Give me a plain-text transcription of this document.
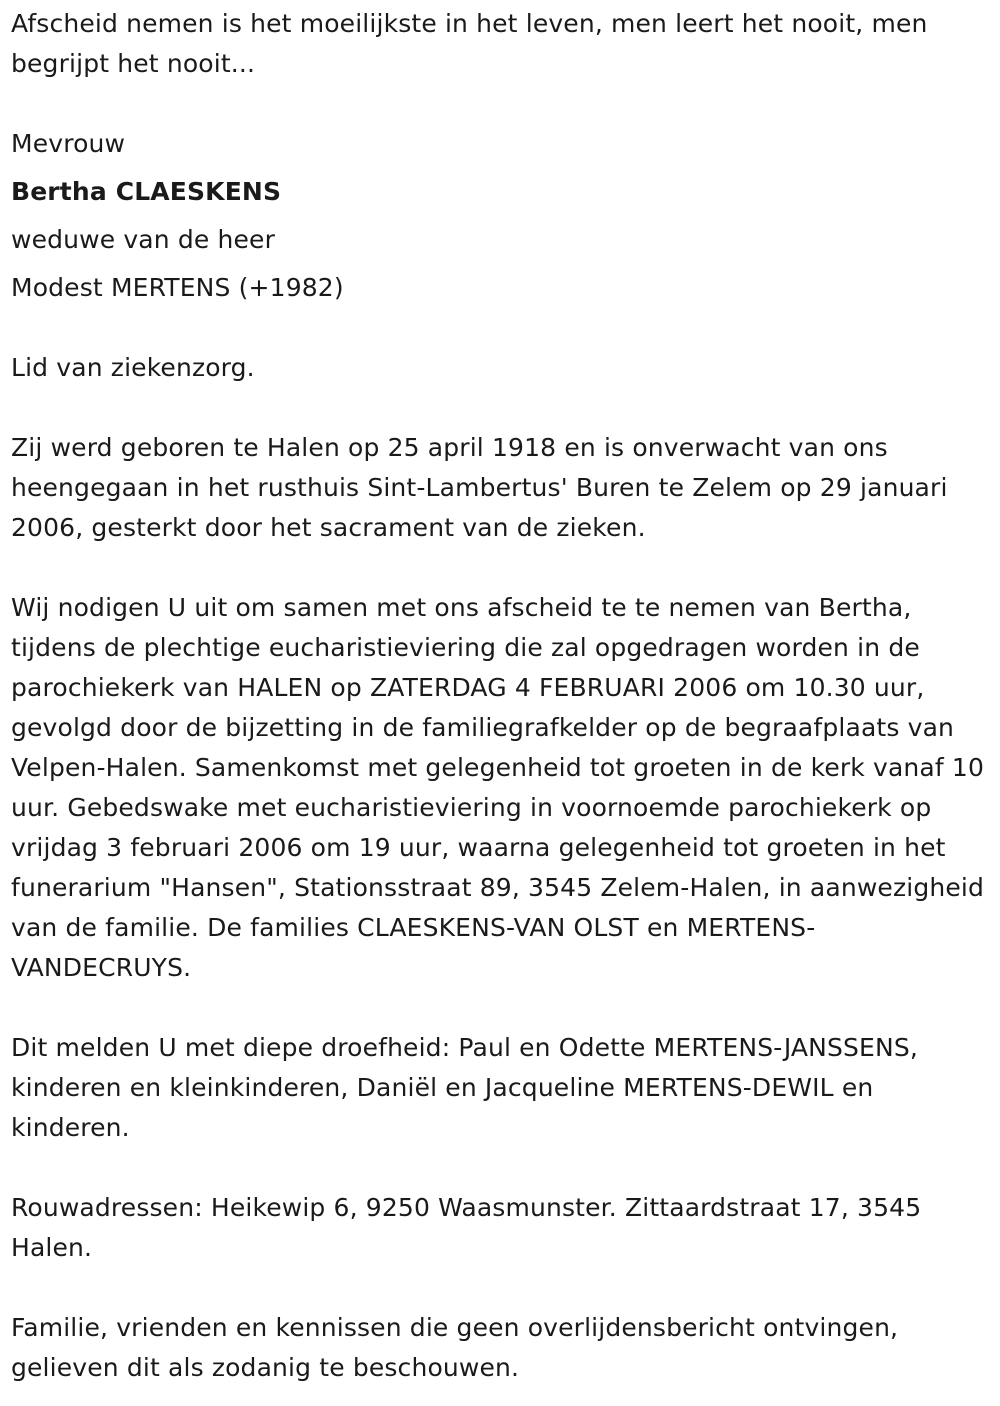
Afscheid nemen is het moeilijkste in het leven, men leert het nooit, men begrijpt het nooit...

Mevrouw

Bertha CLAESKENS

weduwe van de heer

Modest MERTENS (+1982)

Lid van ziekenzorg.

Zij werd geboren te Halen op 25 april 1918 en is onverwacht van ons heengegaan in het rusthuis Sint-Lambertus' Buren te Zelem op 29 januari 2006, gesterkt door het sacrament van de zieken.

Wij nodigen U uit om samen met ons afscheid te te nemen van Bertha, tijdens de plechtige eucharistieviering die zal opgedragen worden in de parochiekerk van HALEN op ZATERDAG 4 FEBRUARI 2006 om 10.30 uur, gevolgd door de bijzetting in de familiegrafkelder op de begraafplaats van Velpen-Halen. Samenkomst met gelegenheid tot groeten in de kerk vanaf 10 uur. Gebedswake met eucharistieviering in voornoemde parochiekerk op vrijdag 3 februari 2006 om 19 uur, waarna gelegenheid tot groeten in het funerarium "Hansen", Stationsstraat 89, 3545 Zelem-Halen, in aanwezigheid van de familie. De families CLAESKENS-VAN OLST en MERTENS-VANDECRUYS.

Dit melden U met diepe droefheid: Paul en Odette MERTENS-JANSSENS, kinderen en kleinkinderen, Daniël en Jacqueline MERTENS-DEWIL en kinderen.

Rouwadressen: Heikewip 6, 9250 Waasmunster. Zittaardstraat 17, 3545 Halen.

Familie, vrienden en kennissen die geen overlijdensbericht ontvingen, gelieven dit als zodanig te beschouwen.
